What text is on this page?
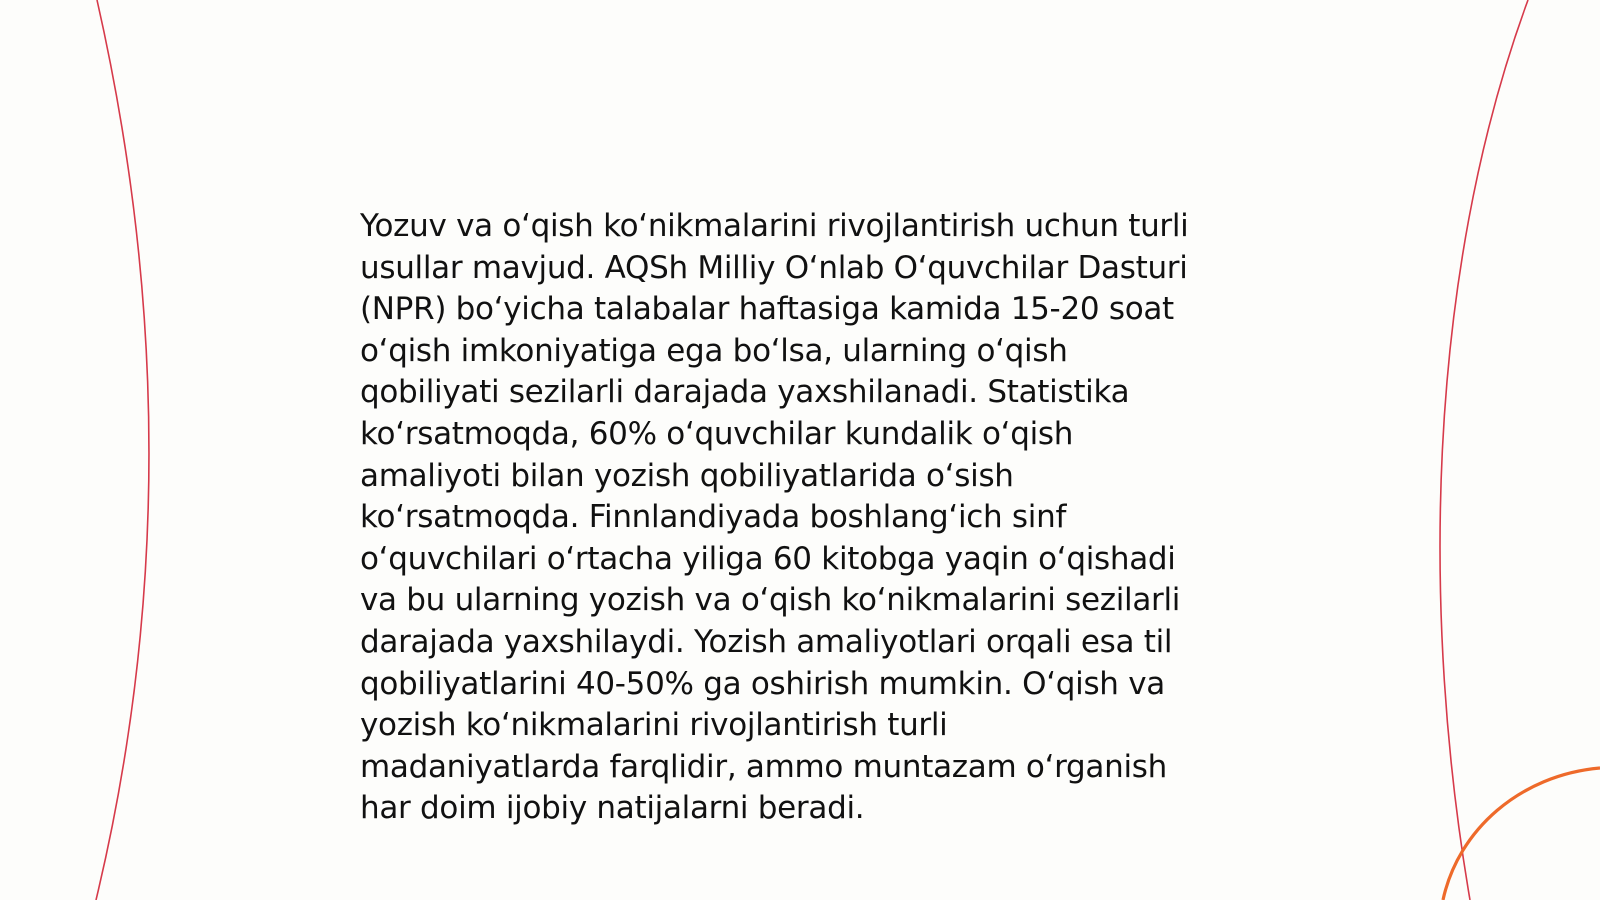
Yozuv va o‘qish ko‘nikmalarini rivojlantirish uchun turli
usullar mavjud. AQSh Milliy O‘nlab O‘quvchilar Dasturi
(NPR) bo‘yicha talabalar haftasiga kamida 15-20 soat
o‘qish imkoniyatiga ega bo‘lsa, ularning o‘qish
qobiliyati sezilarli darajada yaxshilanadi. Statistika
ko‘rsatmoqda, 60% o‘quvchilar kundalik o‘qish
amaliyoti bilan yozish qobiliyatlarida o‘sish
ko‘rsatmoqda. Finnlandiyada boshlang‘ich sinf
o‘quvchilari o‘rtacha yiliga 60 kitobga yaqin o‘qishadi
va bu ularning yozish va o‘qish ko‘nikmalarini sezilarli
darajada yaxshilaydi. Yozish amaliyotlari orqali esa til
qobiliyatlarini 40-50% ga oshirish mumkin. O‘qish va
yozish ko‘nikmalarini rivojlantirish turli
madaniyatlarda farqlidir, ammo muntazam o‘rganish
har doim ijobiy natijalarni beradi.
